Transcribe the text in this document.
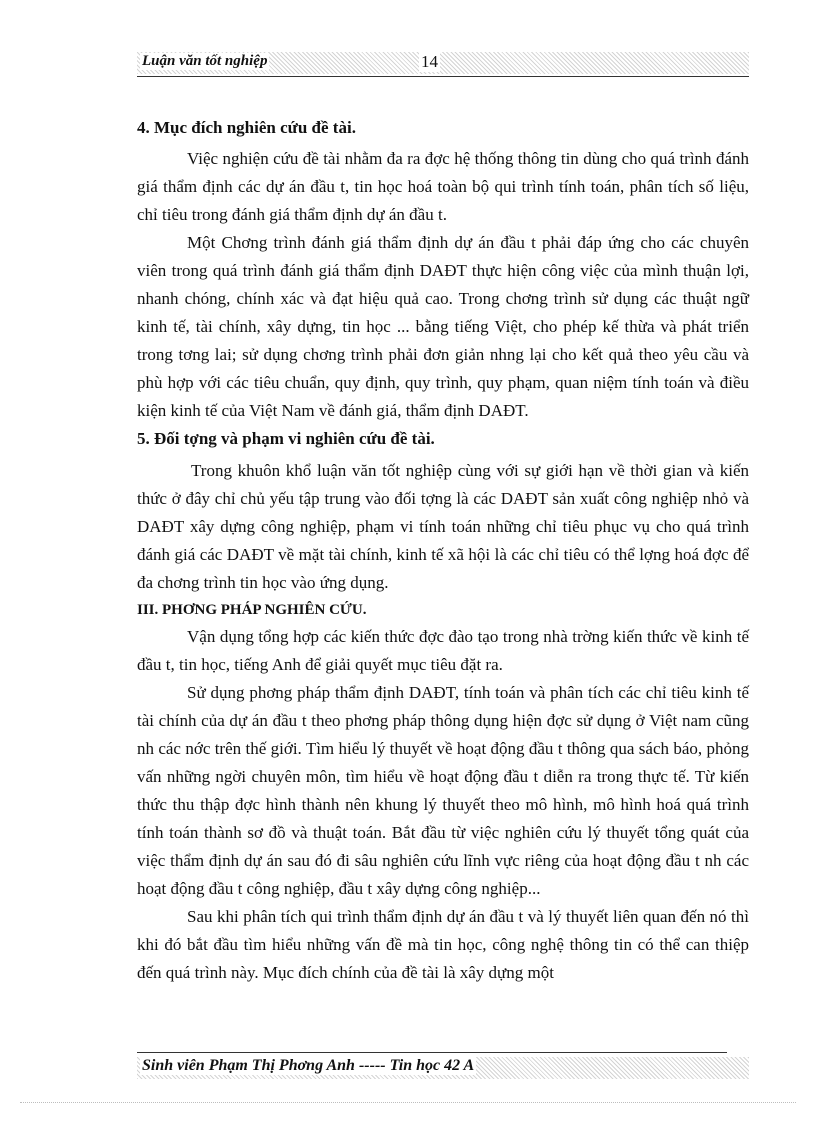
Luận văn tốt nghiệp	14
4. Mục đích nghiên cứu đề tài.

Việc nghiện cứu đề tài nhằm đa ra đợc hệ thống thông tin dùng cho quá trình đánh giá thẩm định các dự án đầu t, tin học hoá toàn bộ qui trình tính toán, phân tích số liệu, chỉ tiêu trong đánh giá thẩm định dự án đầu t.

Một Chơng trình đánh giá thẩm định dự án đầu t phải đáp ứng cho các chuyên viên trong quá trình đánh giá thẩm định DAĐT thực hiện công việc của mình thuận lợi, nhanh chóng, chính xác và đạt hiệu quả cao. Trong chơng trình sử dụng các thuật ngữ kinh tế, tài chính, xây dựng, tin học ... bằng tiếng Việt, cho phép kế thừa và phát triển trong tơng lai; sử dụng chơng trình phải đơn giản nhng lại cho kết quả theo yêu cầu và phù hợp với các tiêu chuẩn, quy định, quy trình, quy phạm, quan niệm tính toán và điều kiện kinh tế của Việt Nam về đánh giá, thẩm định DAĐT.

5. Đối tợng và phạm vi nghiên cứu đề tài.

Trong khuôn khổ luận văn tốt nghiệp cùng với sự giới hạn về thời gian và kiến thức ở đây chỉ chủ yếu tập trung vào đối tợng là các DAĐT sản xuất công nghiệp nhỏ và DAĐT xây dựng công nghiệp, phạm vi tính toán những chỉ tiêu phục vụ cho quá trình đánh giá các DAĐT về mặt tài chính, kinh tế xã hội là các chỉ tiêu có thể lợng hoá đợc để đa chơng trình tin học vào ứng dụng.

III. PHƠNG PHÁP NGHIÊN CỨU.

Vận dụng tổng hợp các kiến thức đợc đào tạo trong nhà trờng kiến thức về kinh tế đầu t, tin học, tiếng Anh để giải quyết mục tiêu đặt ra.

Sử dụng phơng pháp thẩm định DAĐT, tính toán và phân tích các chỉ tiêu kinh tế tài chính của dự án đầu t theo phơng pháp thông dụng hiện đợc sử dụng ở Việt nam cũng nh các nớc trên thế giới. Tìm hiểu lý thuyết về hoạt động đầu t thông qua sách báo, phỏng vấn những ngời chuyên môn, tìm hiểu về hoạt động đầu t diễn ra trong thực tế. Từ kiến thức thu thập đợc hình thành nên khung lý thuyết theo mô hình, mô hình hoá quá trình tính toán thành sơ đồ và thuật toán. Bắt đầu từ việc nghiên cứu lý thuyết tổng quát của việc thẩm định dự án sau đó đi sâu nghiên cứu lĩnh vực riêng của hoạt động đầu t nh các hoạt động đầu t công nghiệp, đầu t xây dựng công nghiệp...

Sau khi phân tích qui trình thẩm định dự án đầu t và lý thuyết liên quan đến nó thì khi đó bắt đầu tìm hiểu những vấn đề mà tin học, công nghệ thông tin có thể can thiệp đến quá trình này. Mục đích chính của đề tài là xây dựng một

Sinh viên Phạm Thị Phơng Anh ----- Tin học 42 A
